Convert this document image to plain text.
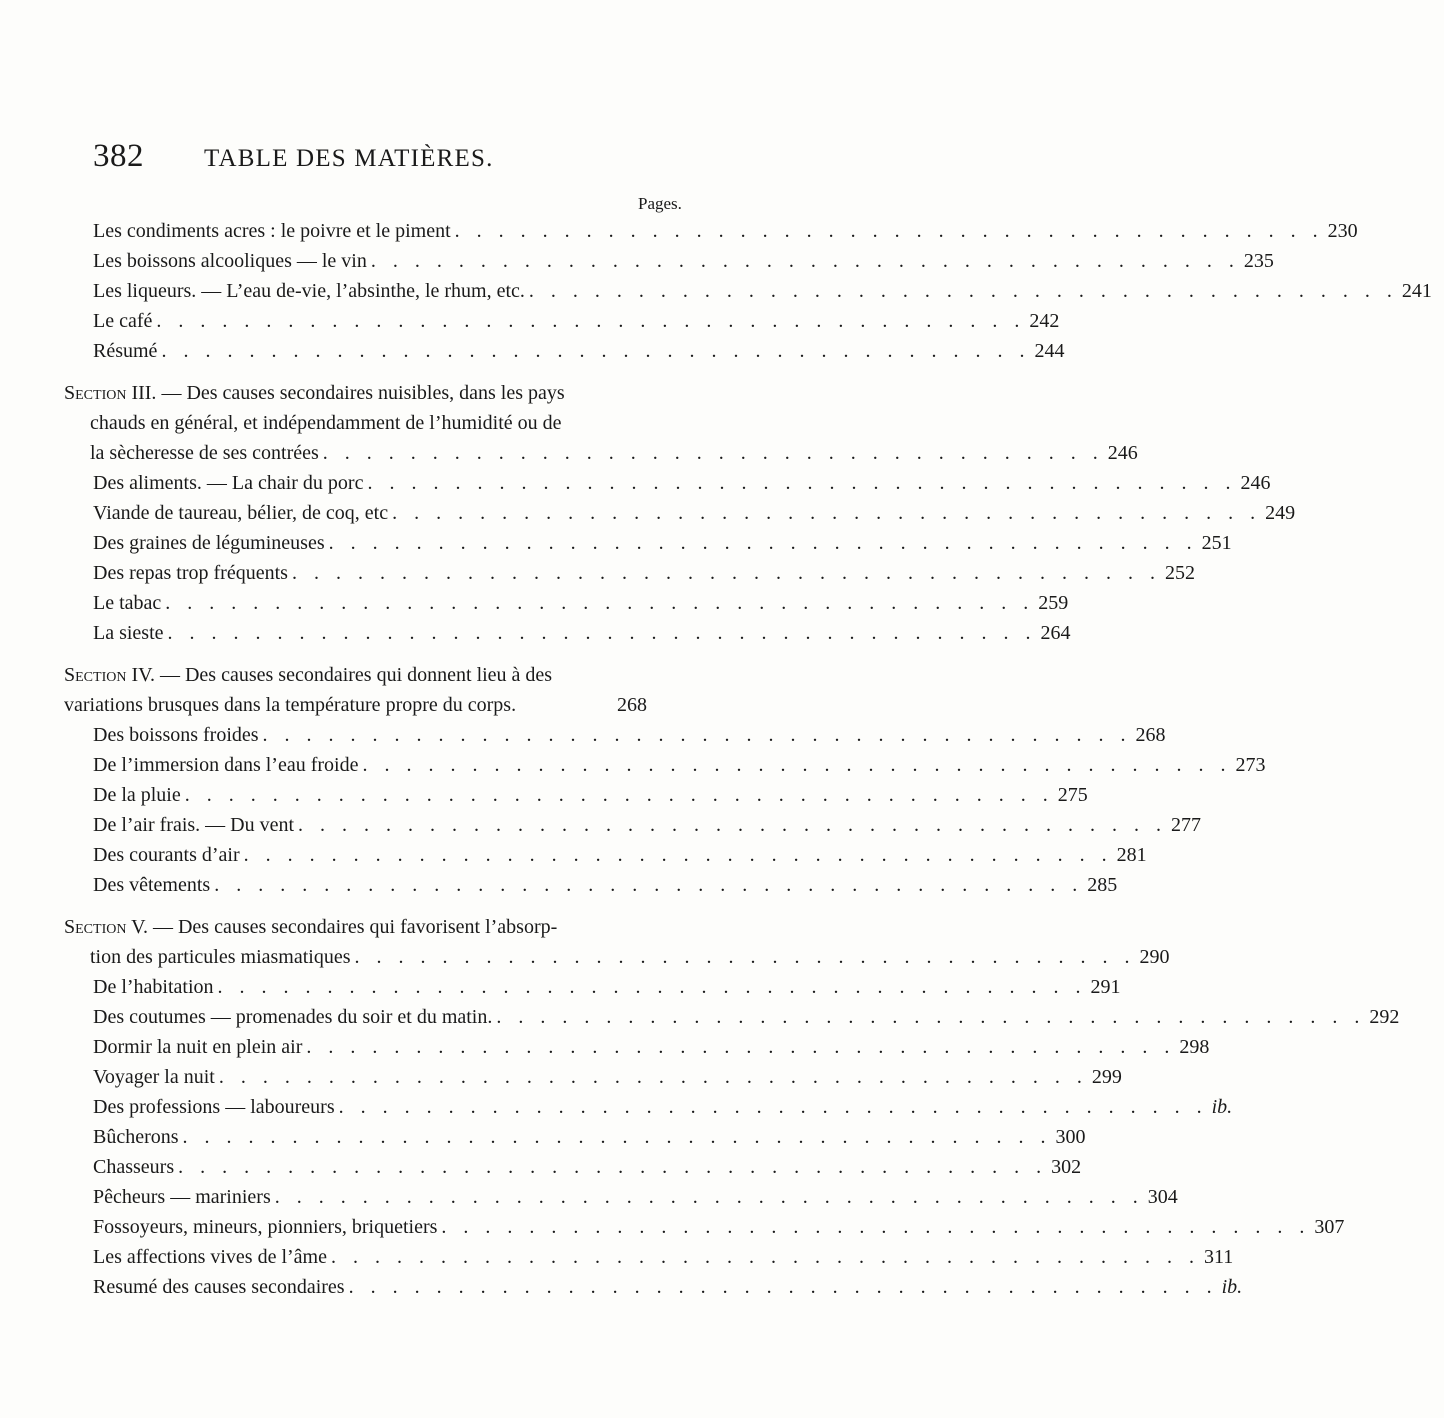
382 TABLE DES MATIÈRES.
Pages.
Les condiments acres : le poivre et le piment . . . . . . . . . . . . . . . . . . . . . . . . . . . . . . . . . . . . . . . . 230
Les boissons alcooliques — le vin . . . . . . . . . . . . . . . . . . . . . . . . . . . . . . . . . . . . . . . . 235
Les liqueurs. — L’eau de-vie, l’absinthe, le rhum, etc. . . . . . . . . . . . . . . . . . . . . . . . . . . . . . . . . . . . . . . . . 241
Le café . . . . . . . . . . . . . . . . . . . . . . . . . . . . . . . . . . . . . . . . 242
Résumé . . . . . . . . . . . . . . . . . . . . . . . . . . . . . . . . . . . . . . . . 244
Section III. — Des causes secondaires nuisibles, dans les pays
chauds en général, et indépendamment de l’humidité ou de
la sècheresse de ses contrées . . . . . . . . . . . . . . . . . . . . . . . . . . . . . . . . . . . . 246
Des aliments. — La chair du porc . . . . . . . . . . . . . . . . . . . . . . . . . . . . . . . . . . . . . . . . 246
Viande de taureau, bélier, de coq, etc . . . . . . . . . . . . . . . . . . . . . . . . . . . . . . . . . . . . . . . . 249
Des graines de légumineuses . . . . . . . . . . . . . . . . . . . . . . . . . . . . . . . . . . . . . . . . 251
Des repas trop fréquents . . . . . . . . . . . . . . . . . . . . . . . . . . . . . . . . . . . . . . . . 252
Le tabac . . . . . . . . . . . . . . . . . . . . . . . . . . . . . . . . . . . . . . . . 259
La sieste . . . . . . . . . . . . . . . . . . . . . . . . . . . . . . . . . . . . . . . . 264
Section IV. — Des causes secondaires qui donnent lieu à des
variations brusques dans la température propre du corps.	268
Des boissons froides . . . . . . . . . . . . . . . . . . . . . . . . . . . . . . . . . . . . . . . . 268
De l’immersion dans l’eau froide . . . . . . . . . . . . . . . . . . . . . . . . . . . . . . . . . . . . . . . . 273
De la pluie . . . . . . . . . . . . . . . . . . . . . . . . . . . . . . . . . . . . . . . . 275
De l’air frais. — Du vent . . . . . . . . . . . . . . . . . . . . . . . . . . . . . . . . . . . . . . . . 277
Des courants d’air . . . . . . . . . . . . . . . . . . . . . . . . . . . . . . . . . . . . . . . . 281
Des vêtements . . . . . . . . . . . . . . . . . . . . . . . . . . . . . . . . . . . . . . . . 285
Section V. — Des causes secondaires qui favorisent l’absorp-
tion des particules miasmatiques . . . . . . . . . . . . . . . . . . . . . . . . . . . . . . . . . . . . 290
De l’habitation . . . . . . . . . . . . . . . . . . . . . . . . . . . . . . . . . . . . . . . . 291
Des coutumes — promenades du soir et du matin. . . . . . . . . . . . . . . . . . . . . . . . . . . . . . . . . . . . . . . . . 292
Dormir la nuit en plein air . . . . . . . . . . . . . . . . . . . . . . . . . . . . . . . . . . . . . . . . 298
Voyager la nuit . . . . . . . . . . . . . . . . . . . . . . . . . . . . . . . . . . . . . . . . 299
Des professions — laboureurs . . . . . . . . . . . . . . . . . . . . . . . . . . . . . . . . . . . . . . . . ib.
Bûcherons . . . . . . . . . . . . . . . . . . . . . . . . . . . . . . . . . . . . . . . . 300
Chasseurs . . . . . . . . . . . . . . . . . . . . . . . . . . . . . . . . . . . . . . . . 302
Pêcheurs — mariniers . . . . . . . . . . . . . . . . . . . . . . . . . . . . . . . . . . . . . . . . 304
Fossoyeurs, mineurs, pionniers, briquetiers . . . . . . . . . . . . . . . . . . . . . . . . . . . . . . . . . . . . . . . . 307
Les affections vives de l’âme . . . . . . . . . . . . . . . . . . . . . . . . . . . . . . . . . . . . . . . . 311
Resumé des causes secondaires . . . . . . . . . . . . . . . . . . . . . . . . . . . . . . . . . . . . . . . . ib.
